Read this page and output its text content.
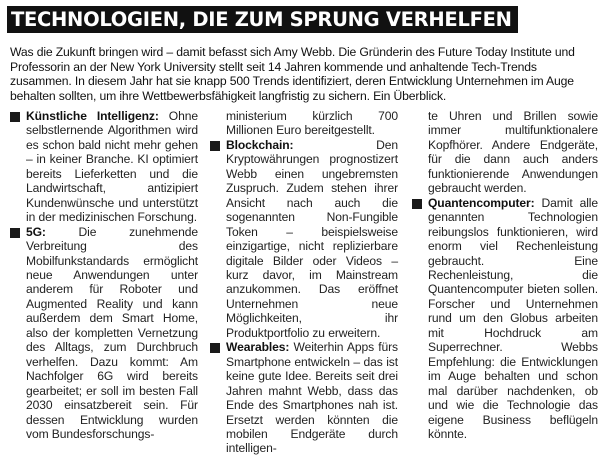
TECHNOLOGIEN, DIE ZUM SPRUNG VERHELFEN
Was die Zukunft bringen wird – damit befasst sich Amy Webb. Die Gründerin des Future Today Institute und Professorin an der New York University stellt seit 14 Jahren kommende und anhaltende Tech-Trends zusammen. In diesem Jahr hat sie knapp 500 Trends identifiziert, deren Entwicklung Unternehmen im Auge behalten sollten, um ihre Wettbewerbsfähigkeit langfristig zu sichern. Ein Überblick.
Künstliche Intelligenz: Ohne selbstlernende Algorithmen wird es schon bald nicht mehr gehen – in keiner Branche. KI optimiert bereits Lieferketten und die Landwirtschaft, antizipiert Kundenwünsche und unterstützt in der medizinischen Forschung.
5G: Die zunehmende Verbreitung des Mobilfunkstandards ermöglicht neue Anwendungen unter anderem für Roboter und Augmented Reality und kann außerdem dem Smart Home, also der kompletten Vernetzung des Alltags, zum Durchbruch verhelfen. Dazu kommt: Am Nachfolger 6G wird bereits gearbeitet; er soll im besten Fall 2030 einsatzbereit sein. Für dessen Entwicklung wurden vom Bundesforschungs-
ministerium kürzlich 700 Millionen Euro bereitgestellt.
Blockchain: Den Kryptowährungen prognostizert Webb einen ungebremsten Zuspruch. Zudem stehen ihrer Ansicht nach auch die sogenannten Non-Fungible Token – beispielsweise einzigartige, nicht replizierbare digitale Bilder oder Videos – kurz davor, im Mainstream anzukommen. Das eröffnet Unternehmen neue Möglichkeiten, ihr Produktportfolio zu erweitern.
Wearables: Weiterhin Apps fürs Smartphone entwickeln – das ist keine gute Idee. Bereits seit drei Jahren mahnt Webb, dass das Ende des Smartphones nah ist. Ersetzt werden könnten die mobilen Endgeräte durch intelligen-
te Uhren und Brillen sowie immer multifunktionalere Kopfhörer. Andere Endgeräte, für die dann auch anders funktionierende Anwendungen gebraucht werden.
Quantencomputer: Damit alle genannten Technologien reibungslos funktionieren, wird enorm viel Rechenleistung gebraucht. Eine Rechenleistung, die Quantencomputer bieten sollen. Forscher und Unternehmen rund um den Globus arbeiten mit Hochdruck am Superrechner. Webbs Empfehlung: die Entwicklungen im Auge behalten und schon mal darüber nachdenken, ob und wie die Technologie das eigene Business beflügeln könnte.
